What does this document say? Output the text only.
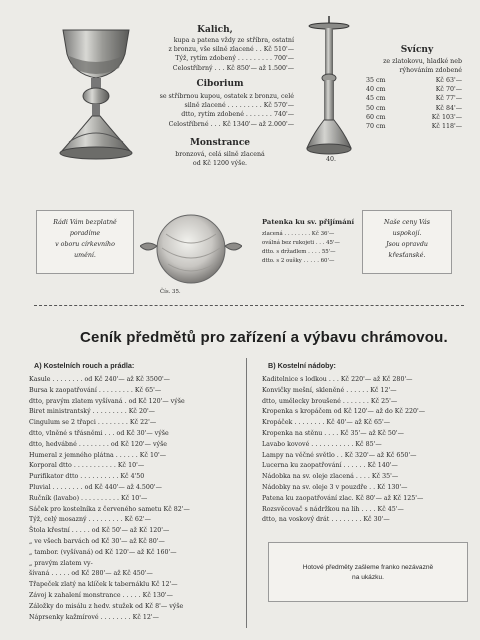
Kalich,
kupa a patena vždy ze stříbra, ostatní
z bronzu, vše silně zlacené . . Kč 510'—
Týž, rytím zdobený . . . . . . . . . 700'—
Celostříbrný . . . Kč 850'— až 1.500'—
Ciborium
se stříbrnou kupou, ostatek z bronzu, celé
silně zlacené . . . . . . . . . Kč 570'—
dtto, rytím zdobené . . . . . . . 740'—
Celostříbrné . . . Kč 1340'— až 2.000'—
Monstrance
bronzová, celá silně zlacená
od Kč 1200 výše.
Svícny
ze zlatokovu, hladké neb
rýhováním zdobené
35 cm	Kč 63'—
40 cm	Kč 70'—
45 cm	Kč 77'—
50 cm	Kč 84'—
60 cm	Kč 103'—
70 cm	Kč 118'—
40.
Rádi Vám bezplatně
poradíme
v oboru církevního
umění.
Patenka ku sv. přijímání
zlacená . . . . . . . . Kč 36'—
oválná bez rukojeti . . . 45'—
dtto. s držadlem . . . . 55'—
dtto. s 2 oušky . . . . . 60'—
Čís. 35.
Naše ceny Vás
uspokojí.
Jsou opravdu
křesťanské.
Ceník předmětů pro zařízení a výbavu chrámovou.
A) Kostelních rouch a prádla:
Kasule . . . . . . . . od Kč 240'— až Kč 3500'—
Bursa k zaopatřování . . . . . . . . . Kč 65'—
dtto, pravým zlatem vyšívaná . od Kč 120'— výše
Biret ministrantský . . . . . . . . . Kč 20'—
Cingulum se 2 třapci . . . . . . . . Kč 22'—
dtto, vlněné s třásněmi . . . od Kč 30'— výše
dtto, hedvábné . . . . . . . . od Kč 120'— výše
Humeral z jemného plátna . . . . . . Kč 10'—
Korporal dtto . . . . . . . . . . . Kč 10'—
Purifikator dtto . . . . . . . . . . Kč 4'50
Pluvial . . . . . . . . od Kč 440'— až 4.500'—
Ručník (lavabo) . . . . . . . . . . Kč 10'—
Sáček pro kostelníka z červeného sametu Kč 82'—
Týž, celý mosazný . . . . . . . . . Kč 62'—
Štola křestní . . . . . od Kč 50'— až Kč 120'—
„ ve všech barvách od Kč 30'— až Kč 80'—
„ tambor. (vyšívaná) od Kč 120'— až Kč 160'—
„ pravým zlatem vy-
šívaná . . . . . od Kč 280'— až Kč 450'—
Třapeček zlatý na klíček k tabernáklu Kč 12'—
Závoj k zahalení monstrance . . . . . Kč 130'—
Záložky do misálu z hedv. stužek od Kč 8'— výše
Náprsenky kažmírové . . . . . . . . Kč 12'—
B) Kostelní nádoby:
Kaditelnice s lodkou . . . Kč 220'— až Kč 280'—
Konvičky mešní, skleněné . . . . . . Kč 12'—
dtto, umělecky broušené . . . . . . . Kč 25'—
Kropenka s kropáčem od Kč 120'— až do Kč 220'—
Kropáček . . . . . . . . Kč 40'— až Kč 65'—
Kropenka na stěnu . . . . Kč 35'— až Kč 50'—
Lavabo kovové . . . . . . . . . . . Kč 85'—
Lampy na věčné světlo . . Kč 320'— až Kč 650'—
Lucerna ku zaopatřování . . . . . . Kč 140'—
Nádobka na sv. oleje zlacená . . . . Kč 35'—
Nádobky na sv. oleje 3 v pouzdře . . Kč 130'—
Patena ku zaopatřování zlac. Kč 80'— až Kč 125'—
Rozsvěcovač s nádržkou na lih . . . . Kč 45'—
dtto, na voskový drát . . . . . . . . Kč 30'—
Hotové předměty zašleme franko nezávazně
na ukázku.
